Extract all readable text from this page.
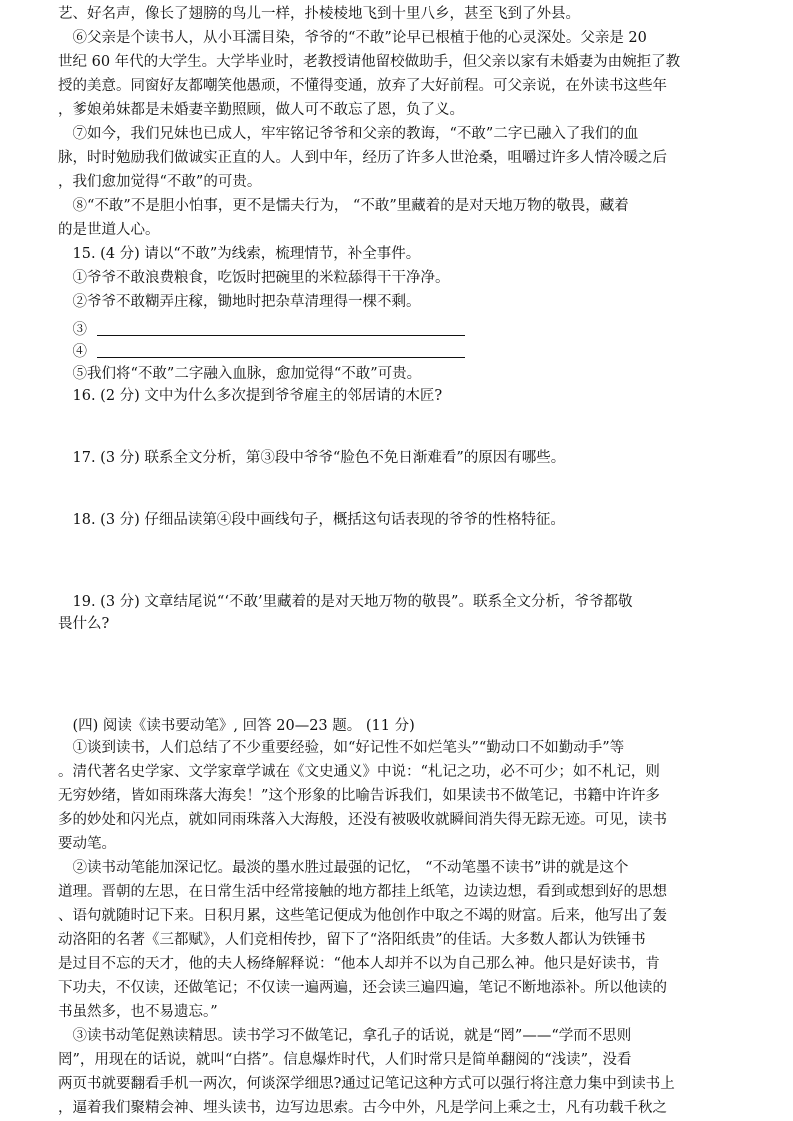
艺、好名声，像长了翅膀的鸟儿一样，扑棱棱地飞到十里八乡，甚至飞到了外县。
　⑥父亲是个读书人，从小耳濡目染，爷爷的“不敢”论早已根植于他的心灵深处。父亲是 20
世纪 60 年代的大学生。大学毕业时，老教授请他留校做助手，但父亲以家有未婚妻为由婉拒了教
授的美意。同窗好友都嘲笑他愚顽，不懂得变通，放弃了大好前程。可父亲说，在外读书这些年
，爹娘弟妹都是未婚妻辛勤照顾，做人可不敢忘了恩，负了义。
　⑦如今，我们兄妹也已成人，牢牢铭记爷爷和父亲的教诲，“不敢”二字已融入了我们的血
脉，时时勉励我们做诚实正直的人。人到中年，经历了许多人世沧桑，咀嚼过许多人情冷暖之后
，我们愈加觉得“不敢”的可贵。
　⑧“不敢”不是胆小怕事，更不是懦夫行为， “不敢”里藏着的是对天地万物的敬畏，藏着
的是世道人心。
　15. (4 分) 请以“不敢”为线索，梳理情节，补全事件。
　①爷爷不敢浪费粮食，吃饭时把碗里的米粒舔得干干净净。
　②爷爷不敢糊弄庄稼，锄地时把杂草清理得一棵不剩。
　③
　④
　⑤我们将“不敢”二字融入血脉，愈加觉得“不敢”可贵。
　16. (2 分) 文中为什么多次提到爷爷雇主的邻居请的木匠?
　17. (3 分) 联系全文分析，第③段中爷爷“脸色不免日渐难看”的原因有哪些。
　18. (3 分) 仔细品读第④段中画线句子，概括这句话表现的爷爷的性格特征。
　19. (3 分) 文章结尾说“‘不敢’里藏着的是对天地万物的敬畏”。联系全文分析，爷爷都敬
畏什么?
　(四) 阅读《读书要动笔》, 回答 20—23 题。 (11 分)
　①谈到读书，人们总结了不少重要经验，如“好记性不如烂笔头”“勤动口不如勤动手”等
。清代著名史学家、文学家章学诚在《文史通义》中说：“札记之功，必不可少；如不札记，则
无穷妙绪，皆如雨珠落大海矣！”这个形象的比喻告诉我们，如果读书不做笔记，书籍中许许多
多的妙处和闪光点，就如同雨珠落入大海般，还没有被吸收就瞬间消失得无踪无迹。可见，读书
要动笔。
　②读书动笔能加深记忆。最淡的墨水胜过最强的记忆， “不动笔墨不读书”讲的就是这个
道理。晋朝的左思，在日常生活中经常接触的地方都挂上纸笔，边读边想，看到或想到好的思想
、语句就随时记下来。日积月累，这些笔记便成为他创作中取之不竭的财富。后来，他写出了轰
动洛阳的名著《三都赋》，人们竞相传抄，留下了“洛阳纸贵”的佳话。大多数人都认为铁锤书
是过目不忘的天才，他的夫人杨绛解释说：“他本人却并不以为自己那么神。他只是好读书，肯
下功夫，不仅读，还做笔记；不仅读一遍两遍，还会读三遍四遍，笔记不断地添补。所以他读的
书虽然多，也不易遗忘。”
　③读书动笔促熟读精思。读书学习不做笔记，拿孔子的话说，就是“罔”——“学而不思则
罔”，用现在的话说，就叫“白搭”。信息爆炸时代，人们时常只是简单翻阅的“浅读”，没看
两页书就要翻看手机一两次，何谈深学细思?通过记笔记这种方式可以强行将注意力集中到读书上
，逼着我们聚精会神、埋头读书，边写边思索。古今中外，凡是学问上乘之士，凡有功载千秋之
